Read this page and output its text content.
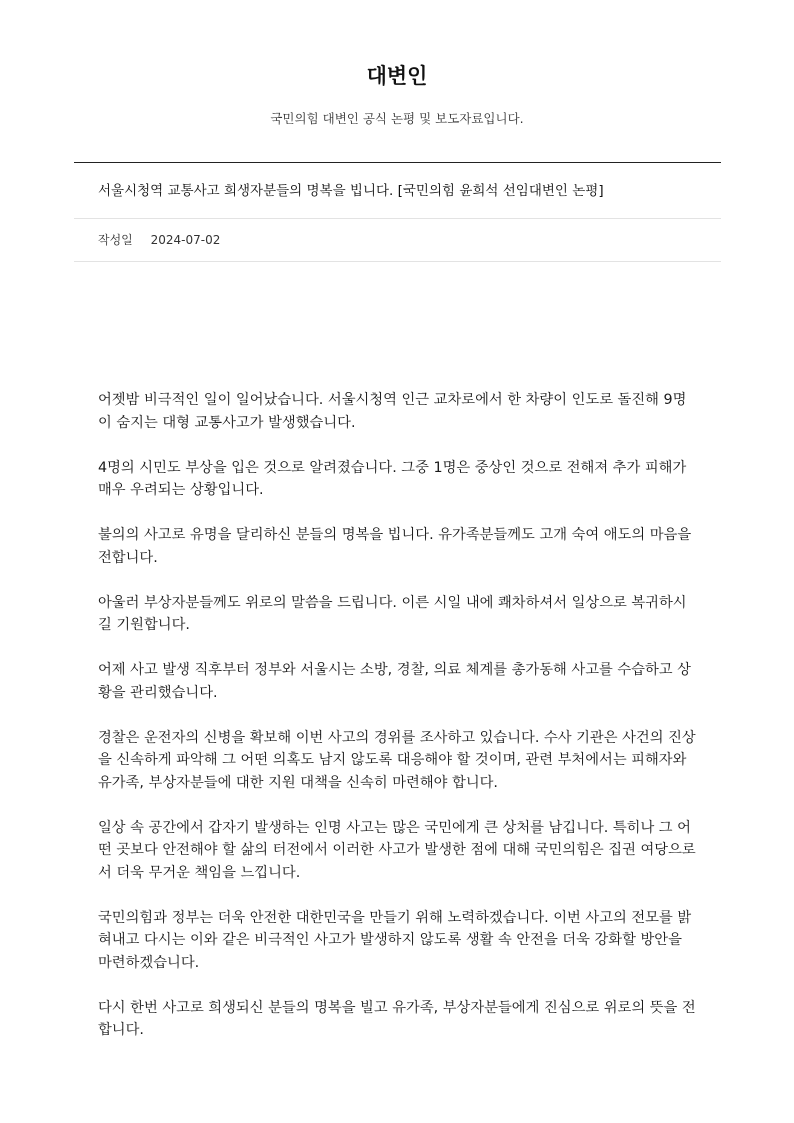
대변인
국민의힘 대변인 공식 논평 및 보도자료입니다.
서울시청역 교통사고 희생자분들의 명복을 빕니다. [국민의힘 윤희석 선임대변인 논평]
작성일 2024-07-02

어젯밤 비극적인 일이 일어났습니다. 서울시청역 인근 교차로에서 한 차량이 인도로 돌진해 9명이 숨지는 대형 교통사고가 발생했습니다.

4명의 시민도 부상을 입은 것으로 알려졌습니다. 그중 1명은 중상인 것으로 전해져 추가 피해가 매우 우려되는 상황입니다.

불의의 사고로 유명을 달리하신 분들의 명복을 빕니다. 유가족분들께도 고개 숙여 애도의 마음을 전합니다.

아울러 부상자분들께도 위로의 말씀을 드립니다. 이른 시일 내에 쾌차하셔서 일상으로 복귀하시길 기원합니다.

어제 사고 발생 직후부터 정부와 서울시는 소방, 경찰, 의료 체계를 총가동해 사고를 수습하고 상황을 관리했습니다.

경찰은 운전자의 신병을 확보해 이번 사고의 경위를 조사하고 있습니다. 수사 기관은 사건의 진상을 신속하게 파악해 그 어떤 의혹도 남지 않도록 대응해야 할 것이며, 관련 부처에서는 피해자와 유가족, 부상자분들에 대한 지원 대책을 신속히 마련해야 합니다.

일상 속 공간에서 갑자기 발생하는 인명 사고는 많은 국민에게 큰 상처를 남깁니다. 특히나 그 어떤 곳보다 안전해야 할 삶의 터전에서 이러한 사고가 발생한 점에 대해 국민의힘은 집권 여당으로서 더욱 무거운 책임을 느낍니다.

국민의힘과 정부는 더욱 안전한 대한민국을 만들기 위해 노력하겠습니다. 이번 사고의 전모를 밝혀내고 다시는 이와 같은 비극적인 사고가 발생하지 않도록 생활 속 안전을 더욱 강화할 방안을 마련하겠습니다.

다시 한번 사고로 희생되신 분들의 명복을 빌고 유가족, 부상자분들에게 진심으로 위로의 뜻을 전합니다.
